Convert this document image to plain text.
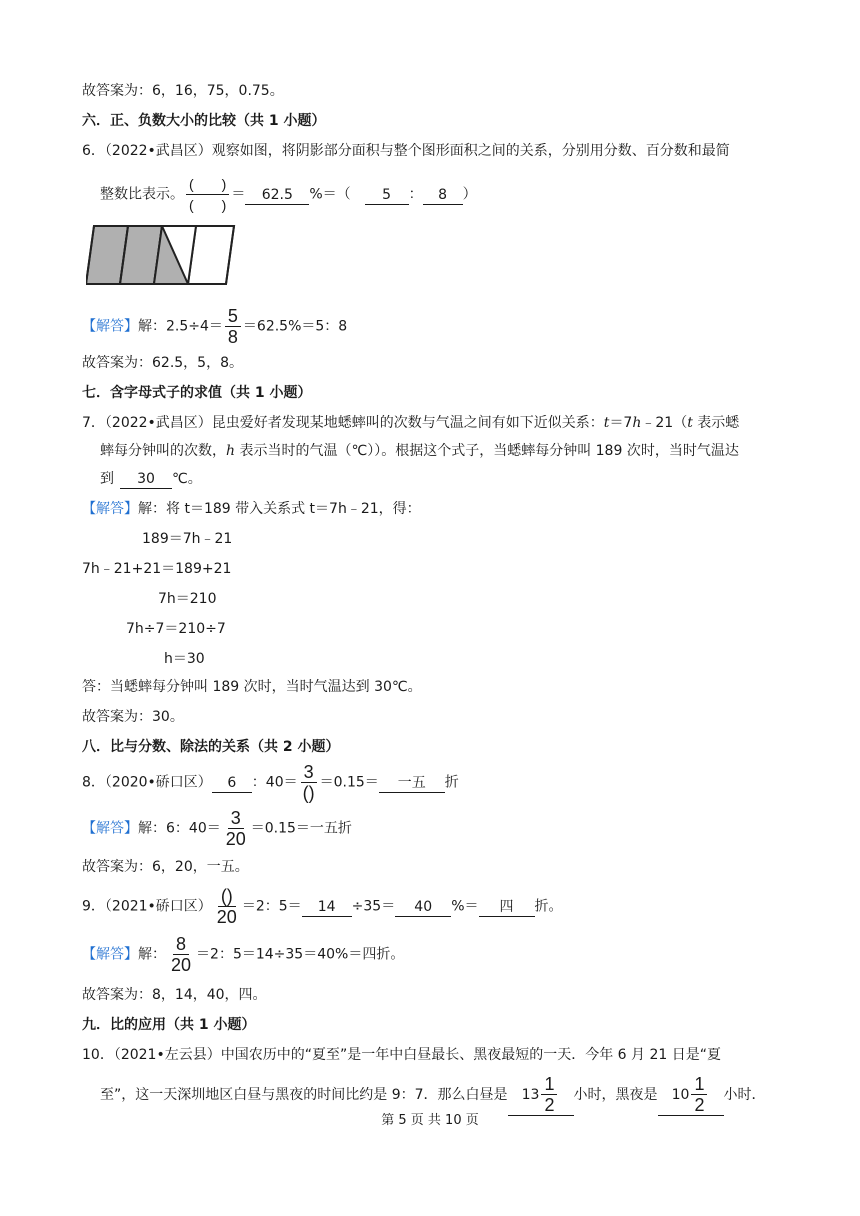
故答案为：6，16，75，0.75。
六．正、负数大小的比较（共 1 小题）
6．（2022•武昌区）观察如图，将阴影部分面积与整个图形面积之间的关系，分别用分数、百分数和最简
整数比表示。 $\frac{( )}{( )} = 62.5$ %＝（ 5 ： 8 ）
【解答】解：$2.5\div 4= \frac{5}{8} =62.5\%=5$：8
故答案为：62.5，5，8。
七．含字母式子的求值（共 1 小题）
7．（2022•武昌区）昆虫爱好者发现某地蟋蟀叫的次数与气温之间有如下近似关系：t＝7h﹣21（t 表示蟋
蟀每分钟叫的次数，h 表示当时的气温（℃））。根据这个式子，当蟋蟀每分钟叫 189 次时，当时气温达
到 30 ℃。
【解答】解：将 t＝189 带入关系式 t＝7h﹣21，得：
189＝7h﹣21
7h﹣21+21＝189+21
7h＝210
7h÷7＝210÷7
h＝30
答：当蟋蟀每分钟叫 189 次时，当时气温达到 30℃。
故答案为：30。
八．比与分数、除法的关系（共 2 小题）
8．（2020•硚口区） 6 ：$40= \frac{3}{()} =0.15=$ 一五 折
【解答】解：6：$40= \frac{3}{20} =0.15=$一五折
故答案为：6，20，一五。
9．（2021•硚口区） $\frac{()}{20} =2$：5＝ 14 ÷35＝ 40 %＝ 四 折。
【解答】解： $\frac{8}{20} =2$：5＝14÷35＝40%＝四折。
故答案为：8，14，40，四。
九．比的应用（共 1 小题）
10．（2021•左云县）中国农历中的“夏至”是一年中白昼最长、黑夜最短的一天．今年 6 月 21 日是“夏
至”，这一天深圳地区白昼与黑夜的时间比约是 9：7．那么白昼是 $13 \frac{1}{2}$ 小时，黑夜是 $10 \frac{1}{2}$ 小时．
第 5 页 共 10 页
